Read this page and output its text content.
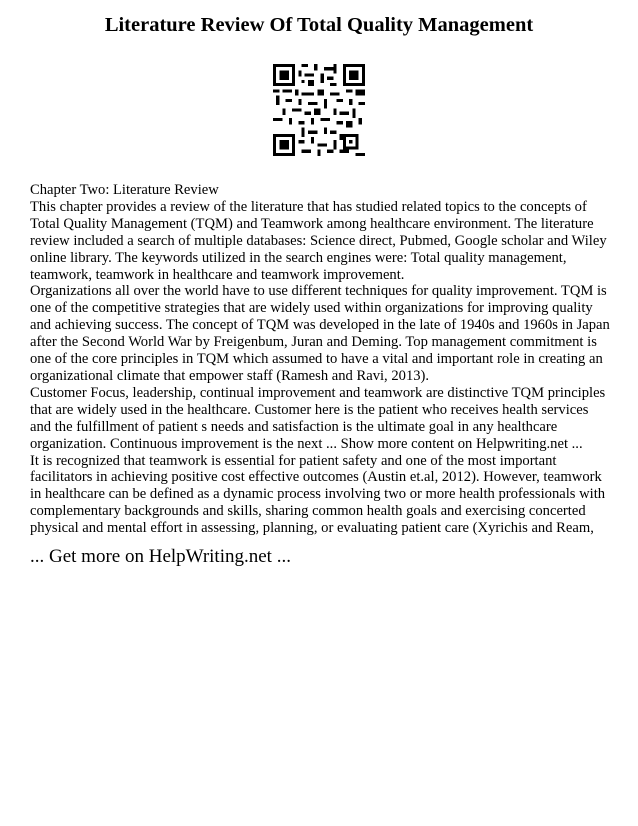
Literature Review Of Total Quality Management

Chapter Two: Literature Review

This chapter provides a review of the literature that has studied related topics to the concepts of Total Quality Management (TQM) and Teamwork among healthcare environment. The literature review included a search of multiple databases: Science direct, Pubmed, Google scholar and Wiley online library. The keywords utilized in the search engines were: Total quality management, teamwork, teamwork in healthcare and teamwork improvement.

Organizations all over the world have to use different techniques for quality improvement. TQM is one of the competitive strategies that are widely used within organizations for improving quality and achieving success. The concept of TQM was developed in the late of 1940s and 1960s in Japan after the Second World War by Freigenbum, Juran and Deming. Top management commitment is one of the core principles in TQM which assumed to have a vital and important role in creating an organizational climate that empower staff (Ramesh and Ravi, 2013).

Customer Focus, leadership, continual improvement and teamwork are distinctive TQM principles that are widely used in the healthcare. Customer here is the patient who receives health services and the fulfillment of patient s needs and satisfaction is the ultimate goal in any healthcare organization. Continuous improvement is the next ... Show more content on Helpwriting.net ...

It is recognized that teamwork is essential for patient safety and one of the most important facilitators in achieving positive cost effective outcomes (Austin et.al, 2012). However, teamwork in healthcare can be defined as a dynamic process involving two or more health professionals with complementary backgrounds and skills, sharing common health goals and exercising concerted physical and mental effort in assessing, planning, or evaluating patient care (Xyrichis and Ream,

... Get more on HelpWriting.net ...
